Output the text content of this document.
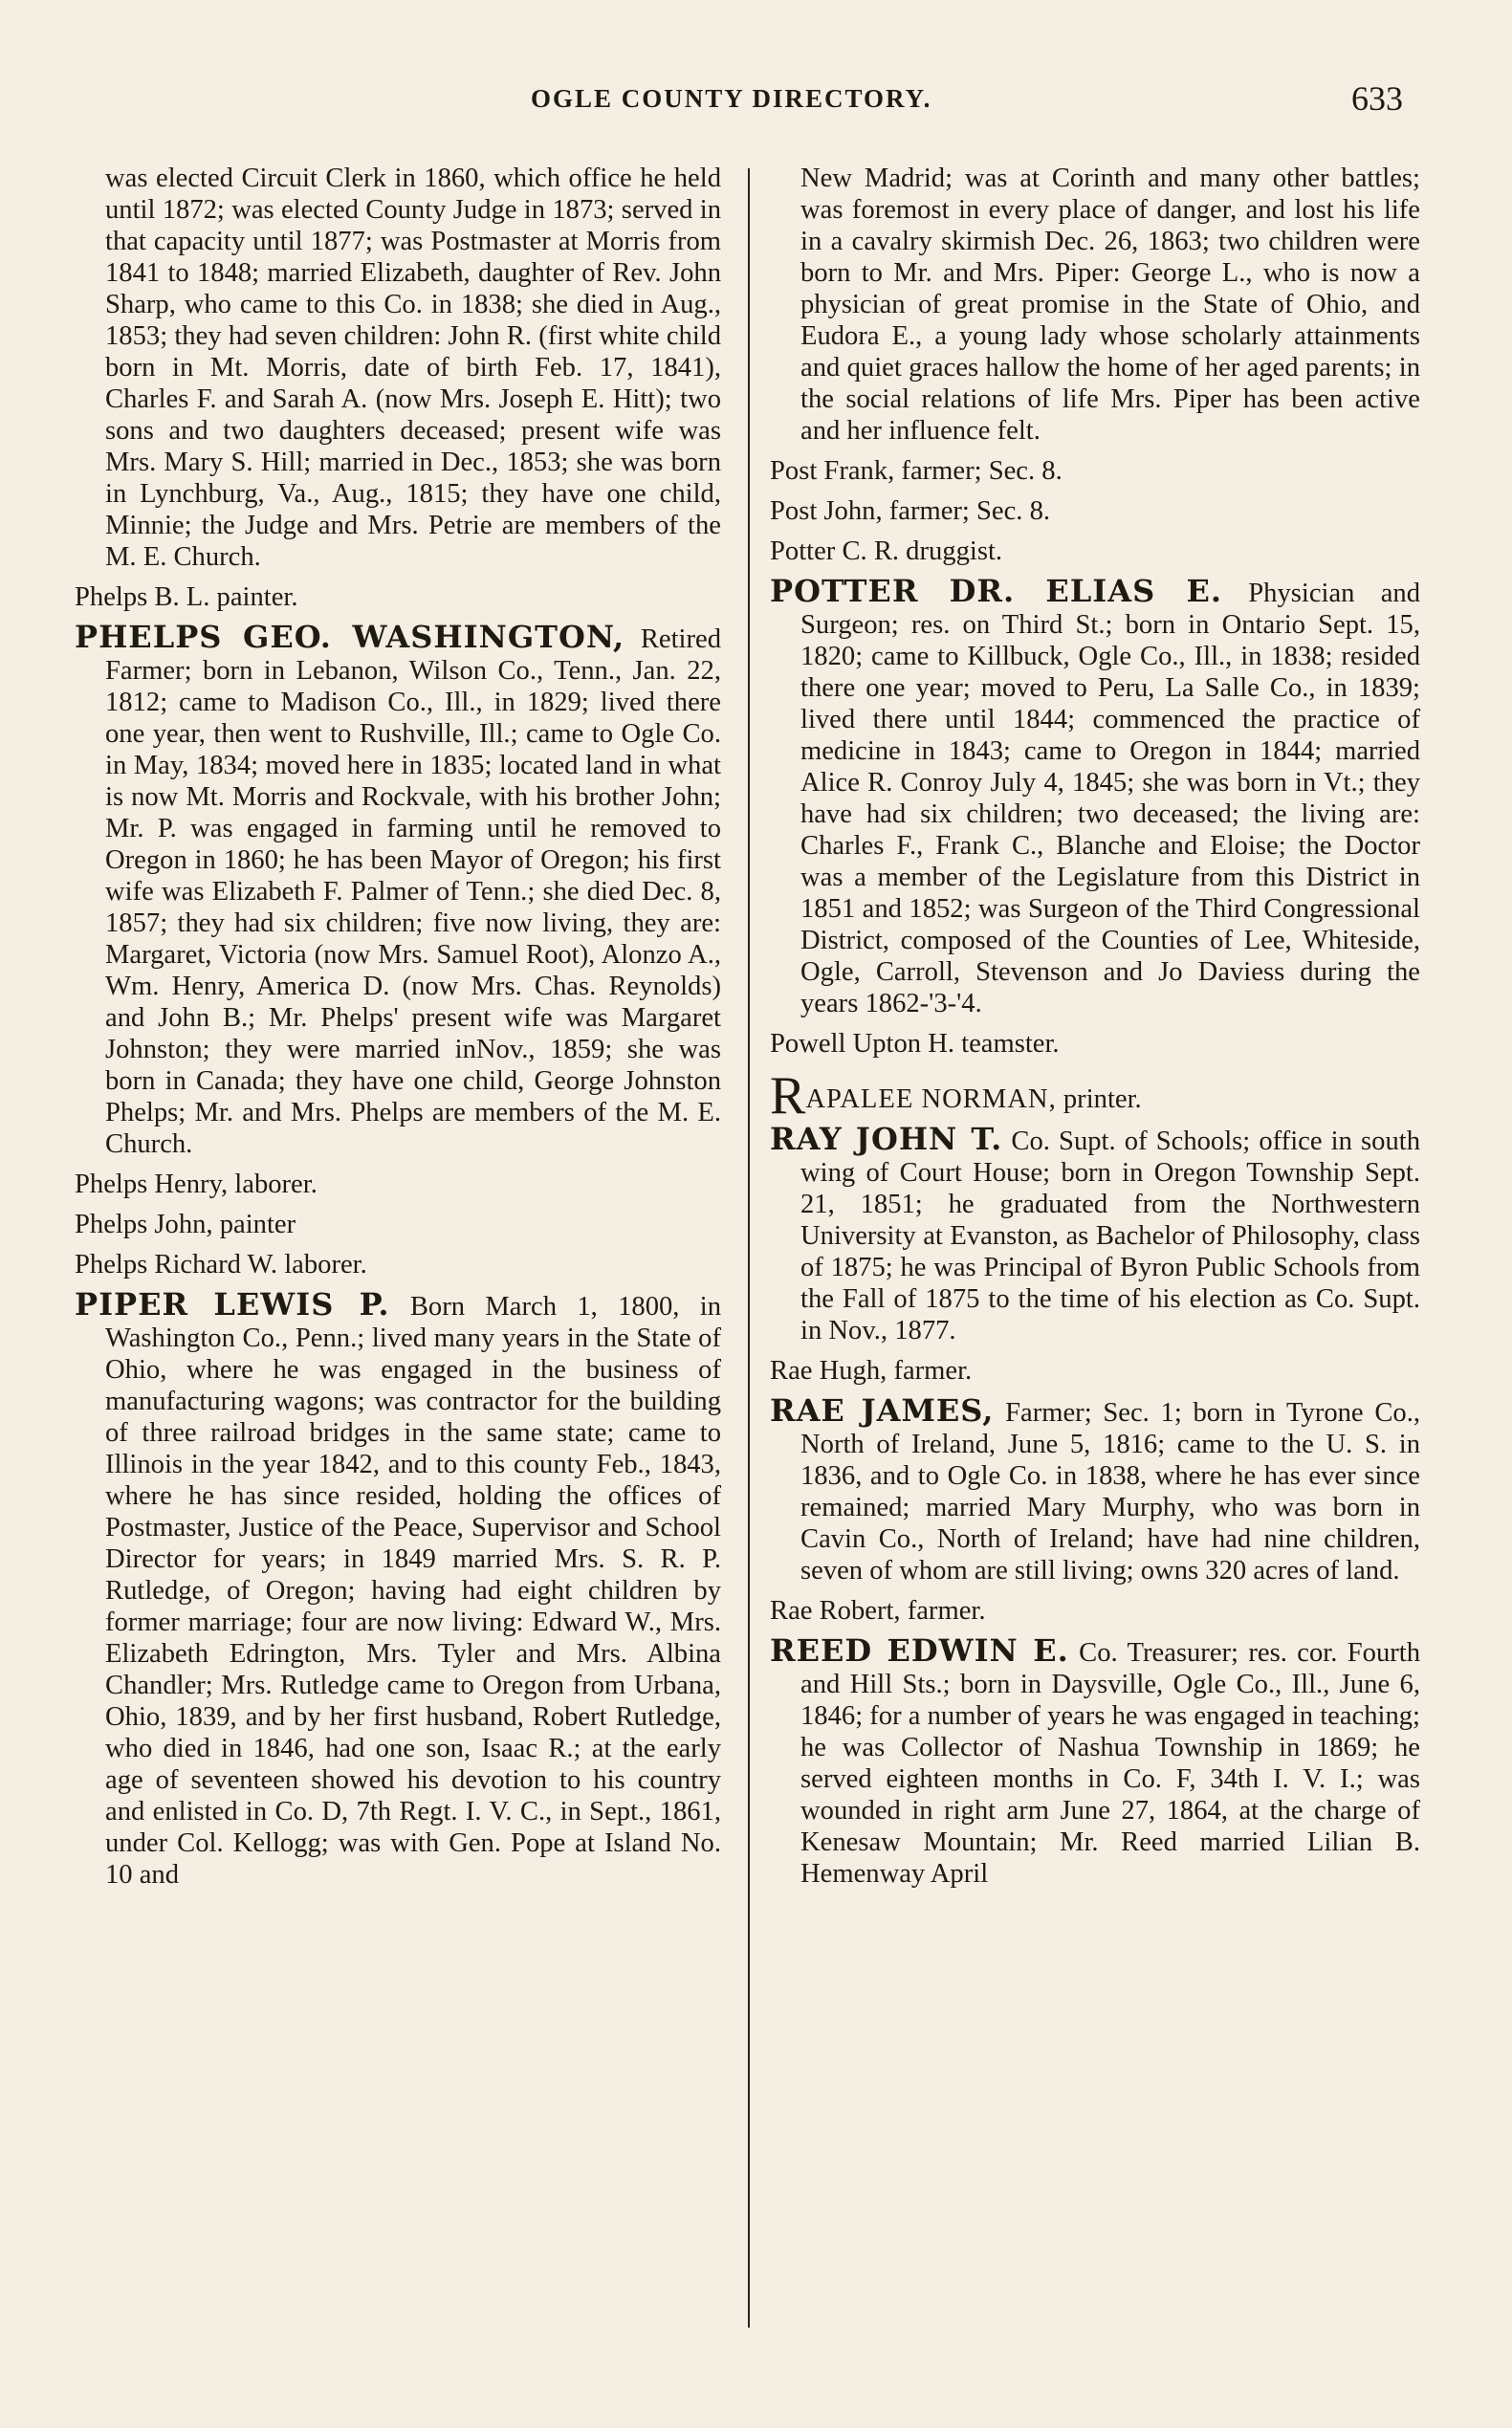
OGLE COUNTY DIRECTORY.	633

was elected Circuit Clerk in 1860, which office he held until 1872; was elected County Judge in 1873; served in that capacity until 1877; was Postmaster at Morris from 1841 to 1848; married Elizabeth, daughter of Rev. John Sharp, who came to this Co. in 1838; she died in Aug., 1853; they had seven children: John R. (first white child born in Mt. Morris, date of birth Feb. 17, 1841), Charles F. and Sarah A. (now Mrs. Joseph E. Hitt); two sons and two daughters deceased; present wife was Mrs. Mary S. Hill; married in Dec., 1853; she was born in Lynchburg, Va., Aug., 1815; they have one child, Minnie; the Judge and Mrs. Petrie are members of the M. E. Church.

Phelps B. L. painter.

PHELPS GEO. WASHINGTON, Retired Farmer; born in Lebanon, Wilson Co., Tenn., Jan. 22, 1812; came to Madison Co., Ill., in 1829; lived there one year, then went to Rushville, Ill.; came to Ogle Co. in May, 1834; moved here in 1835; located land in what is now Mt. Morris and Rockvale, with his brother John; Mr. P. was engaged in farming until he removed to Oregon in 1860; he has been Mayor of Oregon; his first wife was Elizabeth F. Palmer of Tenn.; she died Dec. 8, 1857; they had six children; five now living, they are: Margaret, Victoria (now Mrs. Samuel Root), Alonzo A., Wm. Henry, America D. (now Mrs. Chas. Reynolds) and John B.; Mr. Phelps' present wife was Margaret Johnston; they were married inNov., 1859; she was born in Canada; they have one child, George Johnston Phelps; Mr. and Mrs. Phelps are members of the M. E. Church.

Phelps Henry, laborer.

Phelps John, painter

Phelps Richard W. laborer.

PIPER LEWIS P. Born March 1, 1800, in Washington Co., Penn.; lived many years in the State of Ohio, where he was engaged in the business of manufacturing wagons; was contractor for the building of three railroad bridges in the same state; came to Illinois in the year 1842, and to this county Feb., 1843, where he has since resided, holding the offices of Postmaster, Justice of the Peace, Supervisor and School Director for years; in 1849 married Mrs. S. R. P. Rutledge, of Oregon; having had eight children by former marriage; four are now living: Edward W., Mrs. Elizabeth Edrington, Mrs. Tyler and Mrs. Albina Chandler; Mrs. Rutledge came to Oregon from Urbana, Ohio, 1839, and by her first husband, Robert Rutledge, who died in 1846, had one son, Isaac R.; at the early age of seventeen showed his devotion to his country and enlisted in Co. D, 7th Regt. I. V. C., in Sept., 1861, under Col. Kellogg; was with Gen. Pope at Island No. 10 and

New Madrid; was at Corinth and many other battles; was foremost in every place of danger, and lost his life in a cavalry skirmish Dec. 26, 1863; two children were born to Mr. and Mrs. Piper: George L., who is now a physician of great promise in the State of Ohio, and Eudora E., a young lady whose scholarly attainments and quiet graces hallow the home of her aged parents; in the social relations of life Mrs. Piper has been active and her influence felt.

Post Frank, farmer; Sec. 8.

Post John, farmer; Sec. 8.

Potter C. R. druggist.

POTTER DR. ELIAS E. Physician and Surgeon; res. on Third St.; born in Ontario Sept. 15, 1820; came to Killbuck, Ogle Co., Ill., in 1838; resided there one year; moved to Peru, La Salle Co., in 1839; lived there until 1844; commenced the practice of medicine in 1843; came to Oregon in 1844; married Alice R. Conroy July 4, 1845; she was born in Vt.; they have had six children; two deceased; the living are: Charles F., Frank C., Blanche and Eloise; the Doctor was a member of the Legislature from this District in 1851 and 1852; was Surgeon of the Third Congressional District, composed of the Counties of Lee, Whiteside, Ogle, Carroll, Stevenson and Jo Daviess during the years 1862-'3-'4.

Powell Upton H. teamster.

RAPALEE NORMAN, printer.

RAY JOHN T. Co. Supt. of Schools; office in south wing of Court House; born in Oregon Township Sept. 21, 1851; he graduated from the Northwestern University at Evanston, as Bachelor of Philosophy, class of 1875; he was Principal of Byron Public Schools from the Fall of 1875 to the time of his election as Co. Supt. in Nov., 1877.

Rae Hugh, farmer.

RAE JAMES, Farmer; Sec. 1; born in Tyrone Co., North of Ireland, June 5, 1816; came to the U. S. in 1836, and to Ogle Co. in 1838, where he has ever since remained; married Mary Murphy, who was born in Cavin Co., North of Ireland; have had nine children, seven of whom are still living; owns 320 acres of land.

Rae Robert, farmer.

REED EDWIN E. Co. Treasurer; res. cor. Fourth and Hill Sts.; born in Daysville, Ogle Co., Ill., June 6, 1846; for a number of years he was engaged in teaching; he was Collector of Nashua Township in 1869; he served eighteen months in Co. F, 34th I. V. I.; was wounded in right arm June 27, 1864, at the charge of Kenesaw Mountain; Mr. Reed married Lilian B. Hemenway April
